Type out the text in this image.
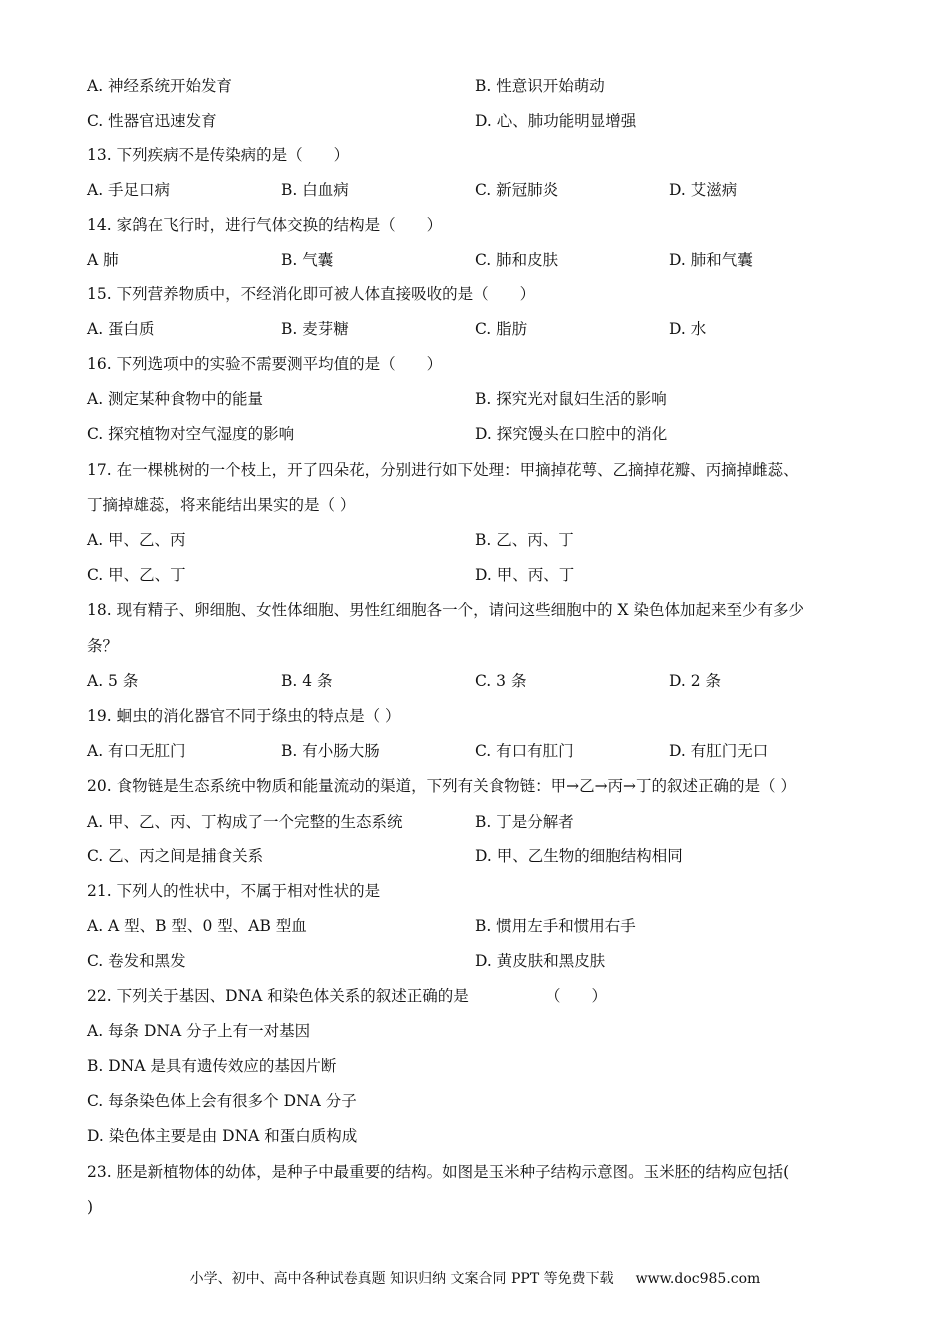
A. 神经系统开始发育	B. 性意识开始萌动
C. 性器官迅速发育	D. 心、肺功能明显增强
13. 下列疾病不是传染病的是（　　）
A. 手足口病	B. 白血病	C. 新冠肺炎	D. 艾滋病
14. 家鸽在飞行时，进行气体交换的结构是（　　）
A 肺	B. 气囊	C. 肺和皮肤	D. 肺和气囊
15. 下列营养物质中，不经消化即可被人体直接吸收的是（　　）
A. 蛋白质	B. 麦芽糖	C. 脂肪	D. 水
16. 下列选项中的实验不需要测平均值的是（　　）
A. 测定某种食物中的能量	B. 探究光对鼠妇生活的影响
C. 探究植物对空气湿度的影响	D. 探究馒头在口腔中的消化
17. 在一棵桃树的一个枝上，开了四朵花，分别进行如下处理：甲摘掉花萼、乙摘掉花瓣、丙摘掉雌蕊、
丁摘掉雄蕊，将来能结出果实的是（ ）
A. 甲、乙、丙	B. 乙、丙、丁
C. 甲、乙、丁	D. 甲、丙、丁
18. 现有精子、卵细胞、女性体细胞、男性红细胞各一个，请问这些细胞中的 X 染色体加起来至少有多少
条？
A. 5 条	B. 4 条	C. 3 条	D. 2 条
19. 蛔虫的消化器官不同于绦虫的特点是（ ）
A. 有口无肛门	B. 有小肠大肠	C. 有口有肛门	D. 有肛门无口
20. 食物链是生态系统中物质和能量流动的渠道，下列有关食物链：甲→乙→丙→丁的叙述正确的是（ ）
A. 甲、乙、丙、丁构成了一个完整的生态系统	B. 丁是分解者
C. 乙、丙之间是捕食关系	D. 甲、乙生物的细胞结构相同
21. 下列人的性状中，不属于相对性状的是
A. A 型、B 型、0 型、AB 型血	B. 惯用左手和惯用右手
C. 卷发和黑发	D. 黄皮肤和黑皮肤
22. 下列关于基因、DNA 和染色体关系的叙述正确的是	（　　）
A. 每条 DNA 分子上有一对基因
B. DNA 是具有遗传效应的基因片断
C. 每条染色体上会有很多个 DNA 分子
D. 染色体主要是由 DNA 和蛋白质构成
23. 胚是新植物体的幼体，是种子中最重要的结构。如图是玉米种子结构示意图。玉米胚的结构应包括(
)
小学、初中、高中各种试卷真题 知识归纳 文案合同 PPT 等免费下载 www.doc985.com
